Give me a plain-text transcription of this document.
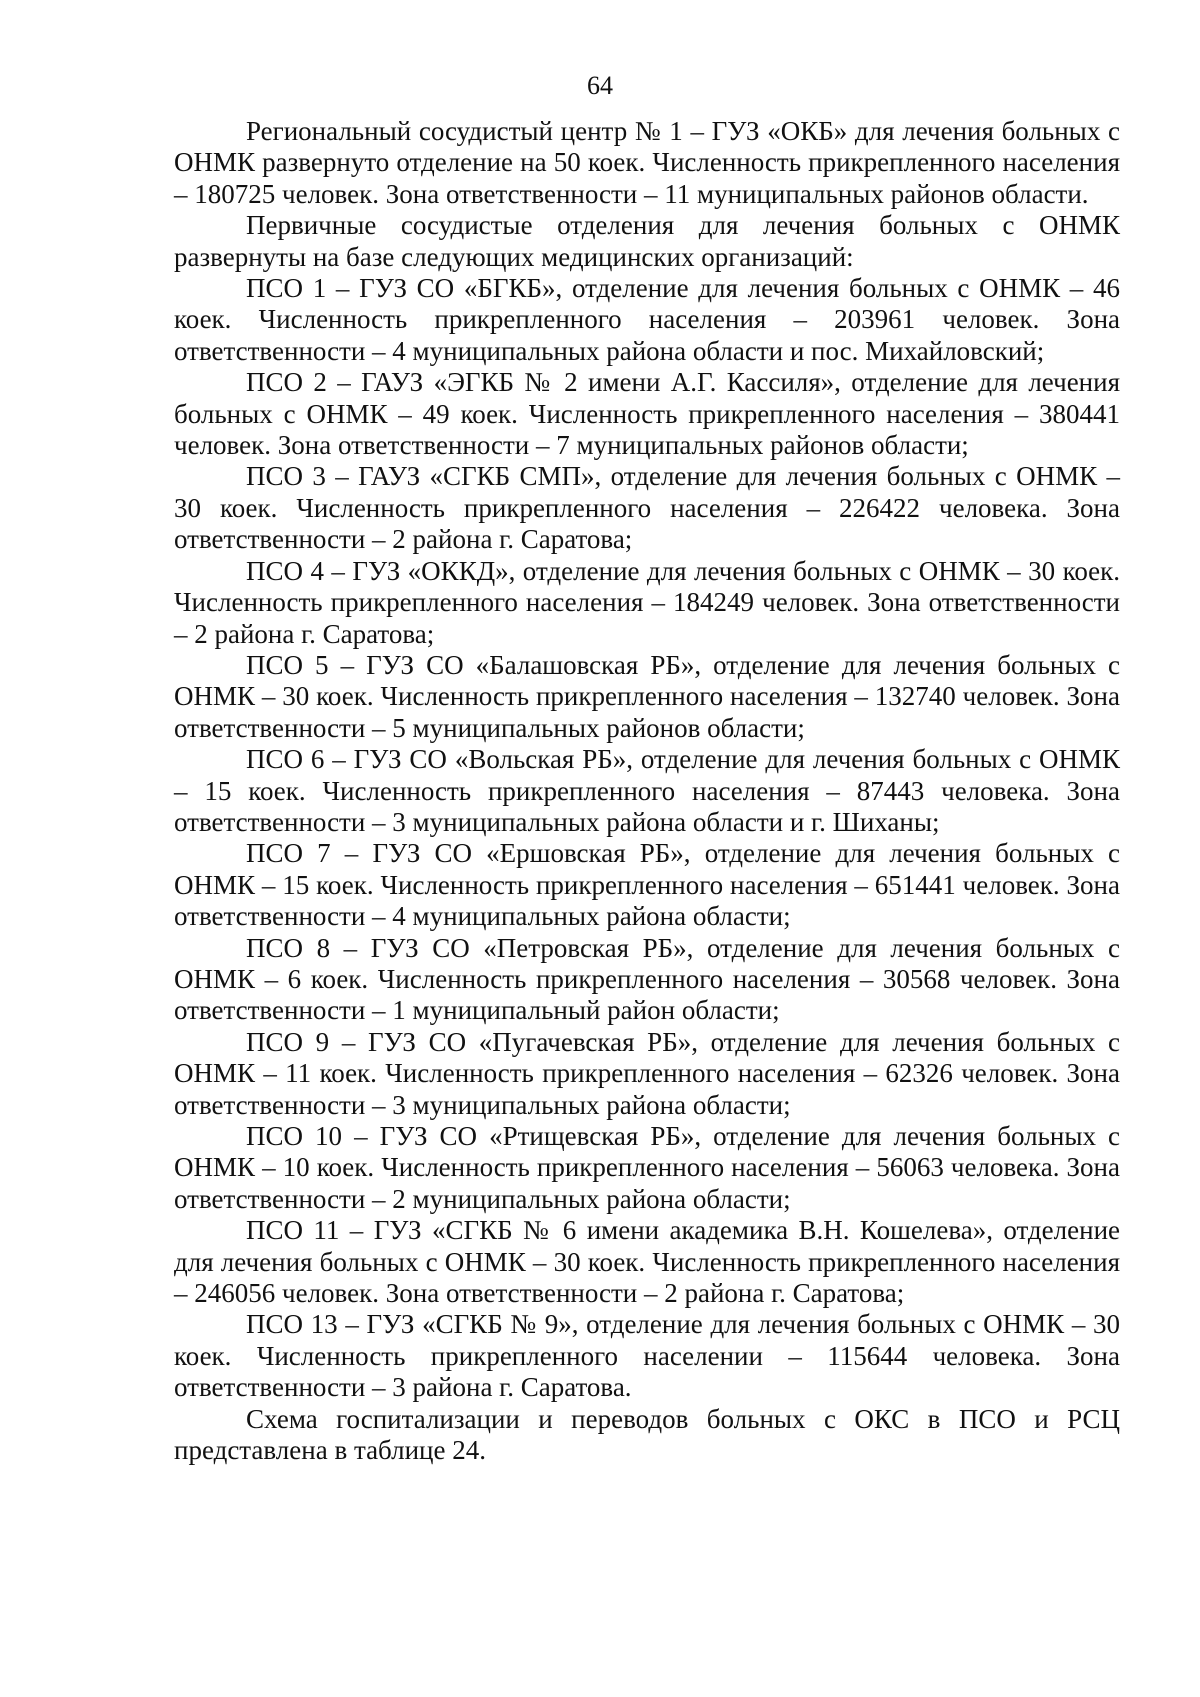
64

Региональный сосудистый центр № 1 – ГУЗ «ОКБ» для лечения больных с ОНМК развернуто отделение на 50 коек. Численность прикрепленного населения – 180725 человек. Зона ответственности – 11 муниципальных районов области.

Первичные сосудистые отделения для лечения больных с ОНМК развернуты на базе следующих медицинских организаций:

ПСО 1 – ГУЗ СО «БГКБ», отделение для лечения больных с ОНМК – 46 коек. Численность прикрепленного населения – 203961 человек. Зона ответственности – 4 муниципальных района области и пос. Михайловский;

ПСО 2 – ГАУЗ «ЭГКБ № 2 имени А.Г. Кассиля», отделение для лечения больных с ОНМК – 49 коек. Численность прикрепленного населения – 380441 человек. Зона ответственности – 7 муниципальных районов области;

ПСО 3 – ГАУЗ «СГКБ СМП», отделение для лечения больных с ОНМК – 30 коек. Численность прикрепленного населения – 226422 человека. Зона ответственности – 2 района г. Саратова;

ПСО 4 – ГУЗ «ОККД», отделение для лечения больных с ОНМК – 30 коек. Численность прикрепленного населения – 184249 человек. Зона ответственности – 2 района г. Саратова;

ПСО 5 – ГУЗ СО «Балашовская РБ», отделение для лечения больных с ОНМК – 30 коек. Численность прикрепленного населения – 132740 человек. Зона ответственности – 5 муниципальных районов области;

ПСО 6 – ГУЗ СО «Вольская РБ», отделение для лечения больных с ОНМК – 15 коек. Численность прикрепленного населения – 87443 человека. Зона ответственности – 3 муниципальных района области и г. Шиханы;

ПСО 7 – ГУЗ СО «Ершовская РБ», отделение для лечения больных с ОНМК – 15 коек. Численность прикрепленного населения – 651441 человек. Зона ответственности – 4 муниципальных района области;

ПСО 8 – ГУЗ СО «Петровская РБ», отделение для лечения больных с ОНМК – 6 коек. Численность прикрепленного населения – 30568 человек. Зона ответственности – 1 муниципальный район области;

ПСО 9 – ГУЗ СО «Пугачевская РБ», отделение для лечения больных с ОНМК – 11 коек. Численность прикрепленного населения – 62326 человек. Зона ответственности – 3 муниципальных района области;

ПСО 10 – ГУЗ СО «Ртищевская РБ», отделение для лечения больных с ОНМК – 10 коек. Численность прикрепленного населения – 56063 человека. Зона ответственности – 2 муниципальных района области;

ПСО 11 – ГУЗ «СГКБ № 6 имени академика В.Н. Кошелева», отделение для лечения больных с ОНМК – 30 коек. Численность прикрепленного населения – 246056 человек. Зона ответственности – 2 района г. Саратова;

ПСО 13 – ГУЗ «СГКБ № 9», отделение для лечения больных с ОНМК – 30 коек. Численность прикрепленного населении – 115644 человека. Зона ответственности – 3 района г. Саратова.

Схема госпитализации и переводов больных с ОКС в ПСО и РСЦ представлена в таблице 24.
